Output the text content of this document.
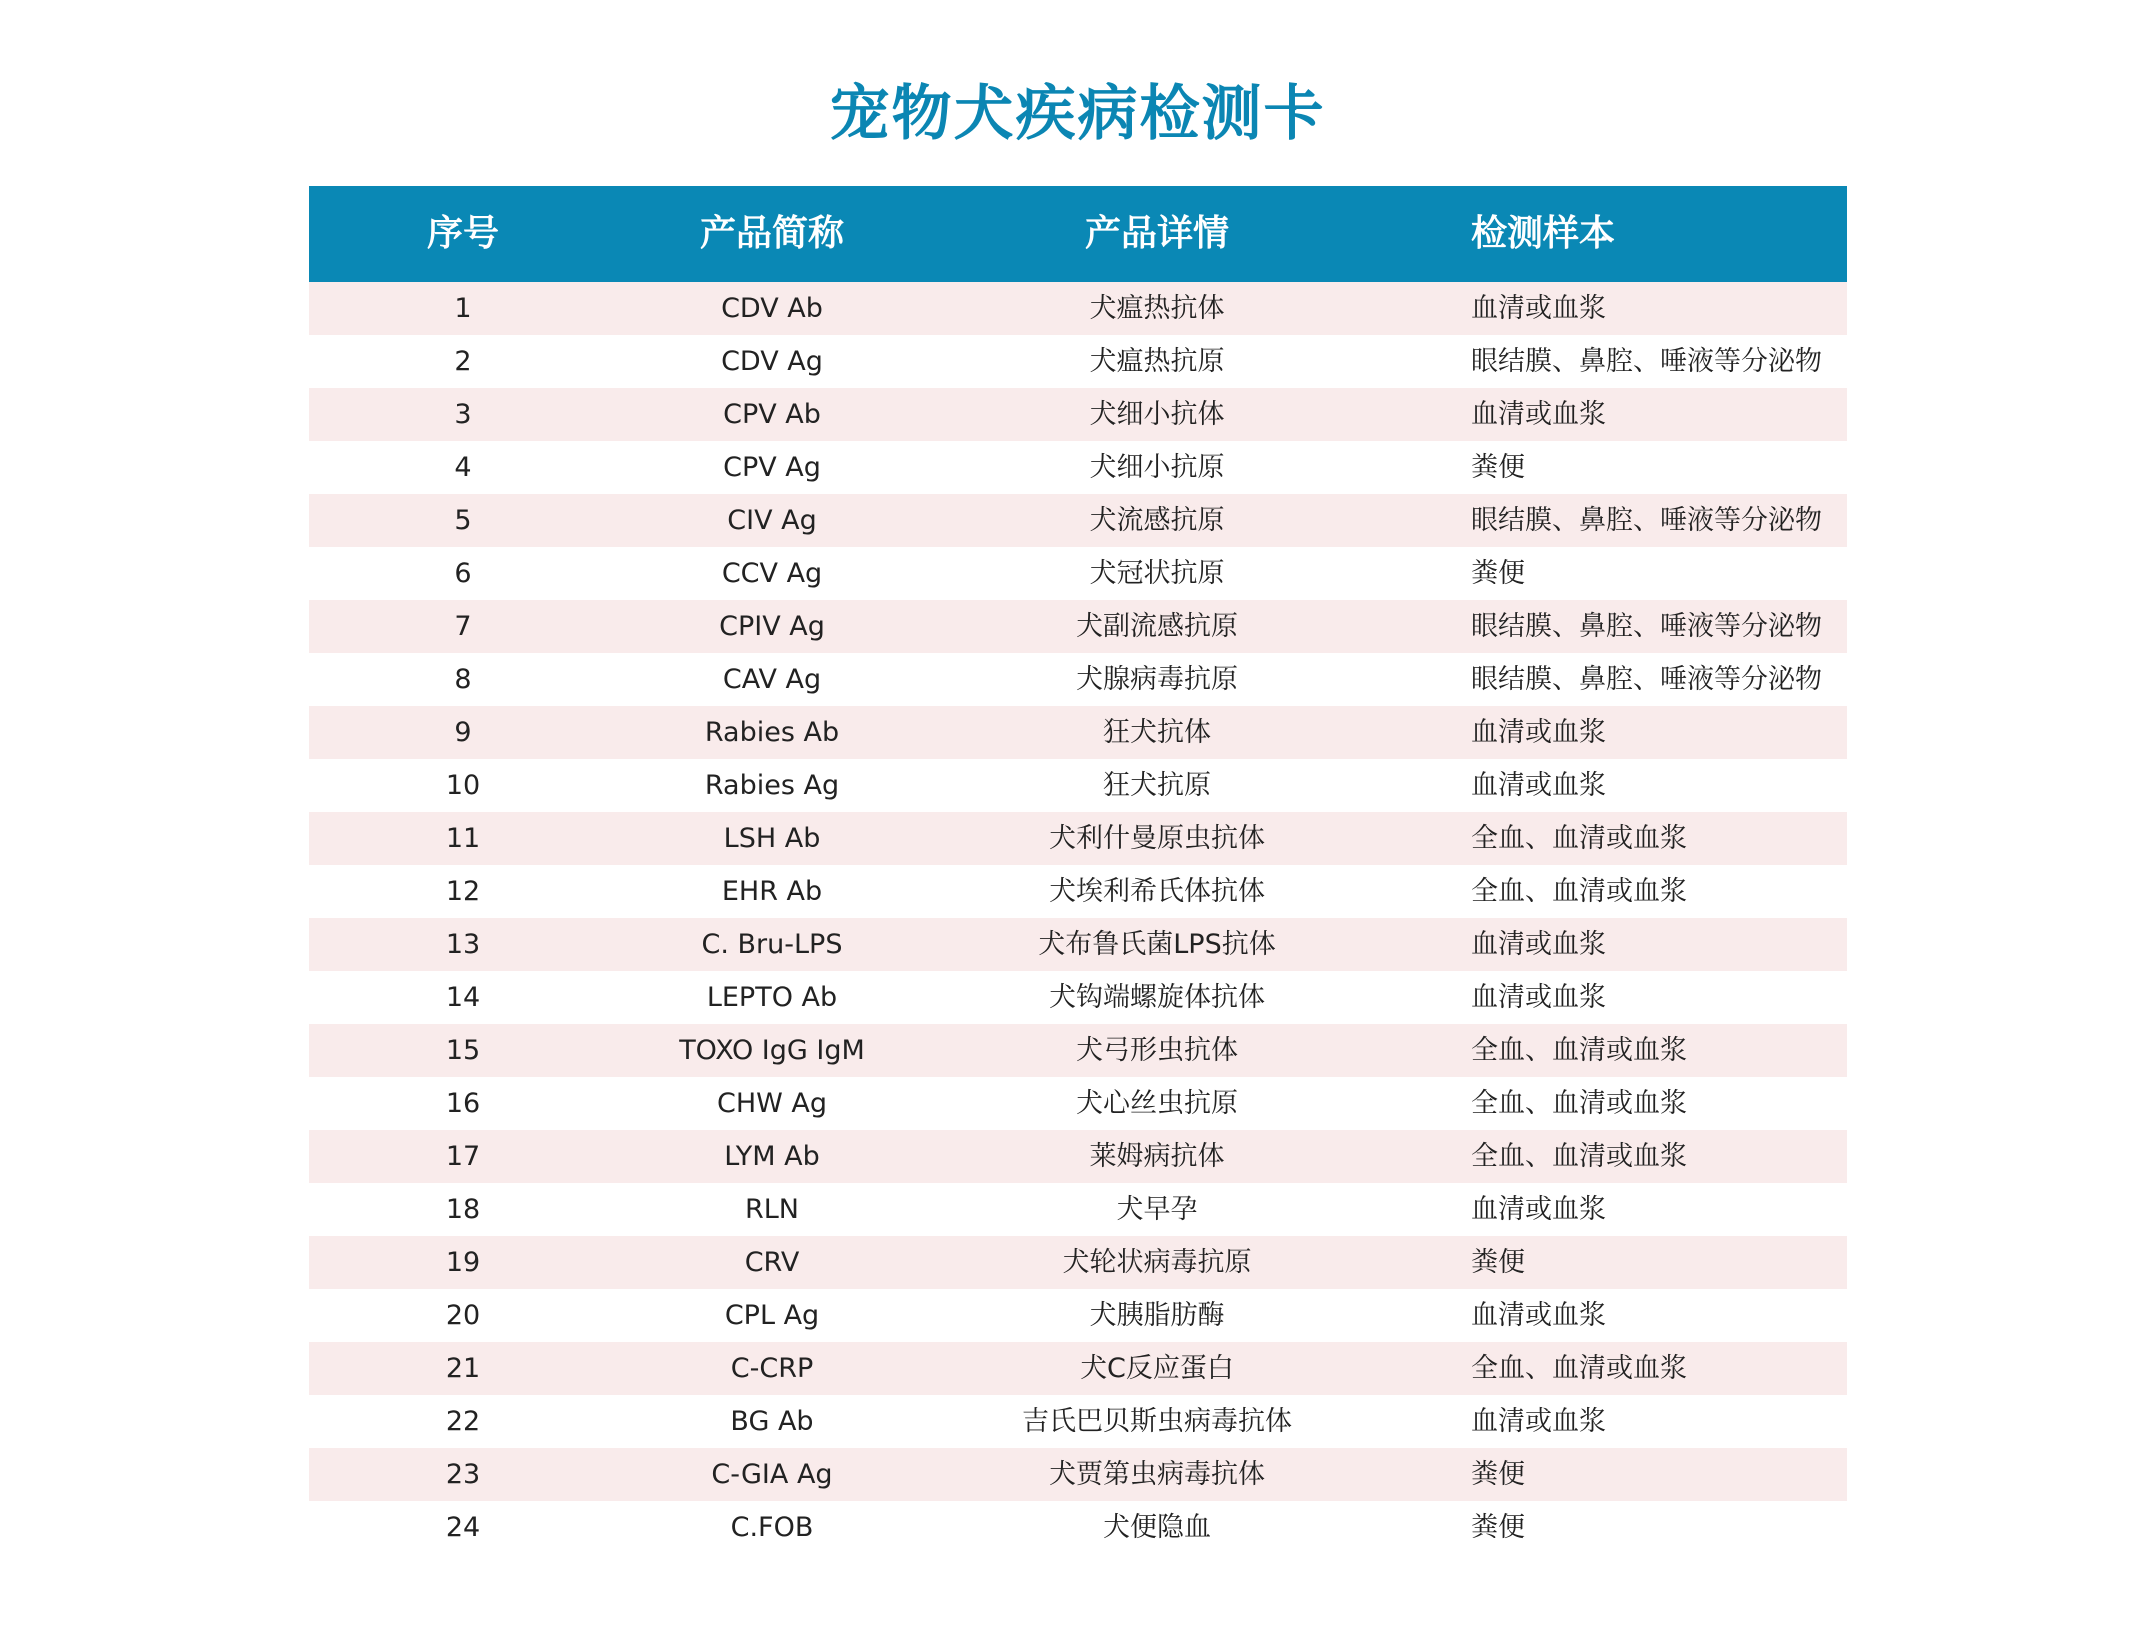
宠物犬疾病检测卡
序号	产品简称	产品详情	检测样本
1	CDV Ab	犬瘟热抗体	血清或血浆
2	CDV Ag	犬瘟热抗原	眼结膜、鼻腔、唾液等分泌物
3	CPV Ab	犬细小抗体	血清或血浆
4	CPV Ag	犬细小抗原	粪便
5	CIV Ag	犬流感抗原	眼结膜、鼻腔、唾液等分泌物
6	CCV Ag	犬冠状抗原	粪便
7	CPIV Ag	犬副流感抗原	眼结膜、鼻腔、唾液等分泌物
8	CAV Ag	犬腺病毒抗原	眼结膜、鼻腔、唾液等分泌物
9	Rabies Ab	狂犬抗体	血清或血浆
10	Rabies Ag	狂犬抗原	血清或血浆
11	LSH Ab	犬利什曼原虫抗体	全血、血清或血浆
12	EHR Ab	犬埃利希氏体抗体	全血、血清或血浆
13	C. Bru-LPS	犬布鲁氏菌LPS抗体	血清或血浆
14	LEPTO Ab	犬钩端螺旋体抗体	血清或血浆
15	TOXO IgG IgM	犬弓形虫抗体	全血、血清或血浆
16	CHW Ag	犬心丝虫抗原	全血、血清或血浆
17	LYM Ab	莱姆病抗体	全血、血清或血浆
18	RLN	犬早孕	血清或血浆
19	CRV	犬轮状病毒抗原	粪便
20	CPL Ag	犬胰脂肪酶	血清或血浆
21	C-CRP	犬C反应蛋白	全血、血清或血浆
22	BG Ab	吉氏巴贝斯虫病毒抗体	血清或血浆
23	C-GIA Ag	犬贾第虫病毒抗体	粪便
24	C.FOB	犬便隐血	粪便
